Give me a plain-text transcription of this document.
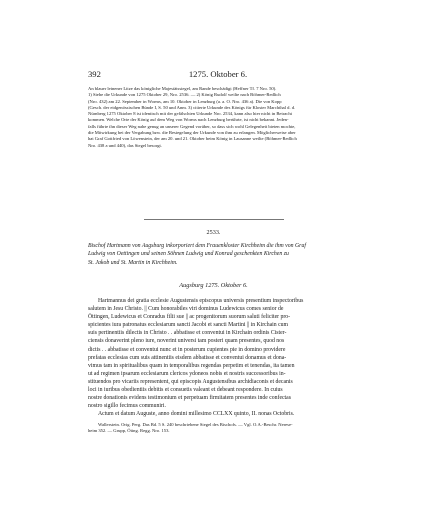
392	1275. Oktober 6.
An blauer leinener Litze das königliche Majestätssiegel, am Rande beschädigt (Heffner Tf. 7 Nro. 50).
1) Siehe die Urkunde von 1275 Oktober 29, Nro. 2536. — 2) König Rudolf weilte nach Böhmer-Redlich
(Nro. 432) am 22. September in Worms, am 10. Oktober in Lenzburg (a. a. O. Nro. 436 a). Die von Kopp
(Gesch. der eidgenössischen Bünde I, S. 50 und Anm. 3) citierte Urkunde des Königs für Kloster Marchthal d. d.
Nürnberg 1275 Oktober 8 ist identisch mit der gefälschten Urkunde Nro. 2534, kann also hier nicht in Betracht
kommen. Welche Orte der König auf dem Weg von Worms nach Lenzburg berührte, ist nicht bekannt. Jeden-
falls führte ihn dieser Weg nahe genug an unserer Gegend vorüber, so dass sich wohl Gelegenheit bieten mochte,
die Mitwirkung bei der Vergabung bzw. die Besiegelung der Urkunde von ihm zu erlangen. Möglicherweise aber
hat Graf Gottfried von Löwenstein, der am 20. und 21. Oktober beim König in Lausanne weilte (Böhmer-Redlich
Nro. 438 a und 440), das Siegel besorgt.
2533.
Bischof Hartmann von Augsburg inkorporiert dem Frauenkloster Kirchheim die ihm von Graf
Ludwig von Oettingen und seinen Söhnen Ludwig und Konrad geschenkten Kirchen zu
St. Jakob und St. Martin in Kirchheim.
Augsburg 1275. Oktober 6.
Hartmannus dei gratia ecclesie Augustensis episcopus universis presentium inspectoribus
salutem in Jesu Christo. || Cum honorabiles viri dominus Ludewicus comes senior de
Öttingen, Ludewicus et Conradus filii sue || ac progenitorum suorum saluti feliciter pro-
spicientes iura patronatus ecclesiarum sancti Jacobi et sancti Martini || in Kirchain cum
suis pertinentiis dilectis in Christo . . abbatisse et conventui in Kirchain ordinis Cister-
ciensis donaverint pleno iure, noverint universi tam posteri quam presentes, quod nos
dictis . . abbatisse et conventui nunc et in posterum cupientes pie in domino providere
prefatas ecclesias cum suis attinentiis eisdem abbatisse et conventui donamus et dona-
vimus tam in spiritualibus quam in temporalibus regendas perpetim et tenendas, ita tamen
ut ad regimen ipsarum ecclesiarum clericos ydoneos nobis et nostris successoribus in-
stituendos pro vicariis representent, qui episcopis Augustensibus archidiaconis et decanis
loci in iuribus obedientiis debitis et consuetis valeant et debeant respondere. In cuius
nostre donationis evidens testimonium et perpetuam firmitatem presentes inde confectas
nostro sigillo fecimus communiri.
Actum et datum Auguste, anno domini millesimo CCLXX quinto, II. nonas Octobris.
Wallerstein. Orig. Perg. Das Bd. 5 S. 240 beschriebene Siegel des Bischofs. — Vgl. O.A.-Beschr. Nerese-
heim 352. — Grupp, Öting. Regg. Nro. 153.
